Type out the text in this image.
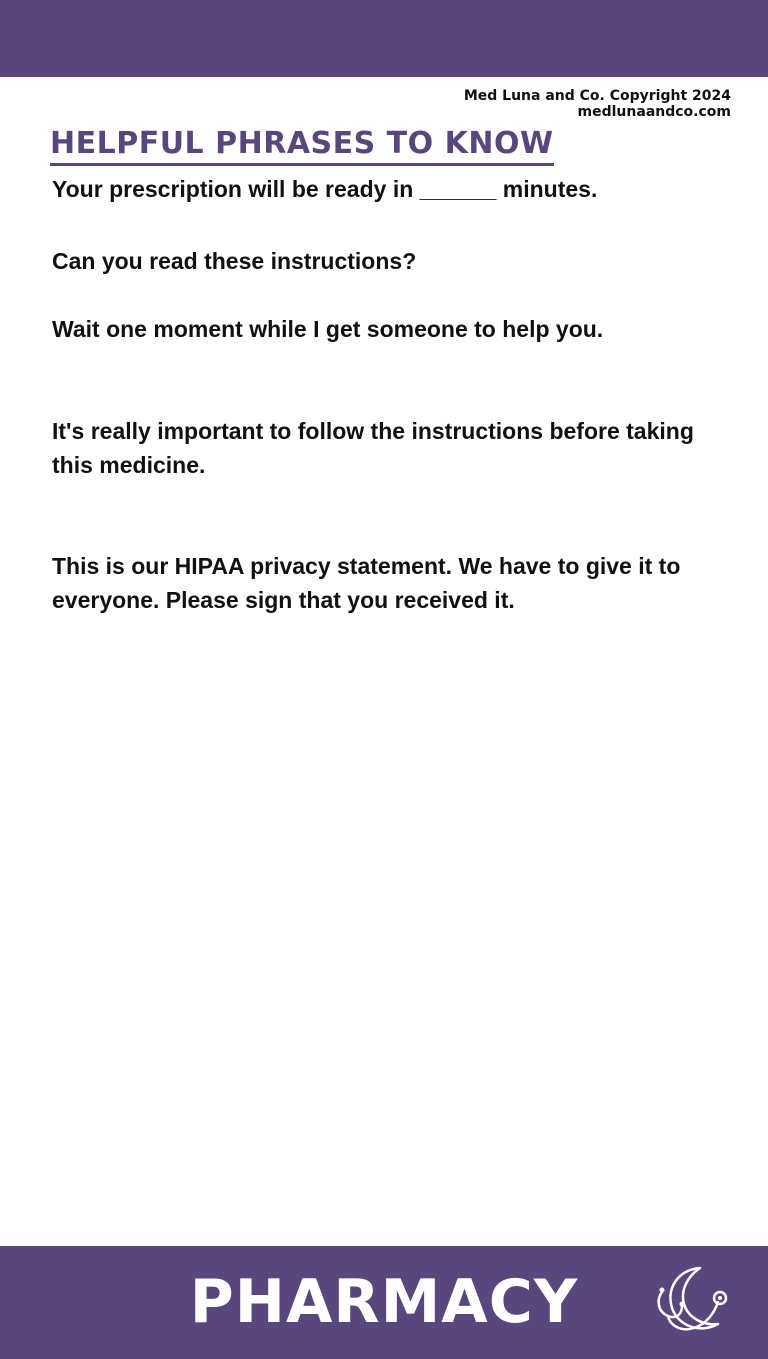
Med Luna and Co. Copyright 2024
medlunaandco.com
HELPFUL PHRASES TO KNOW
Your prescription will be ready in ______ minutes.
Can you read these instructions?
Wait one moment while I get someone to help you.
It's really important to follow the instructions before taking this medicine.
This is our HIPAA privacy statement. We have to give it to everyone. Please sign that you received it.
PHARMACY
